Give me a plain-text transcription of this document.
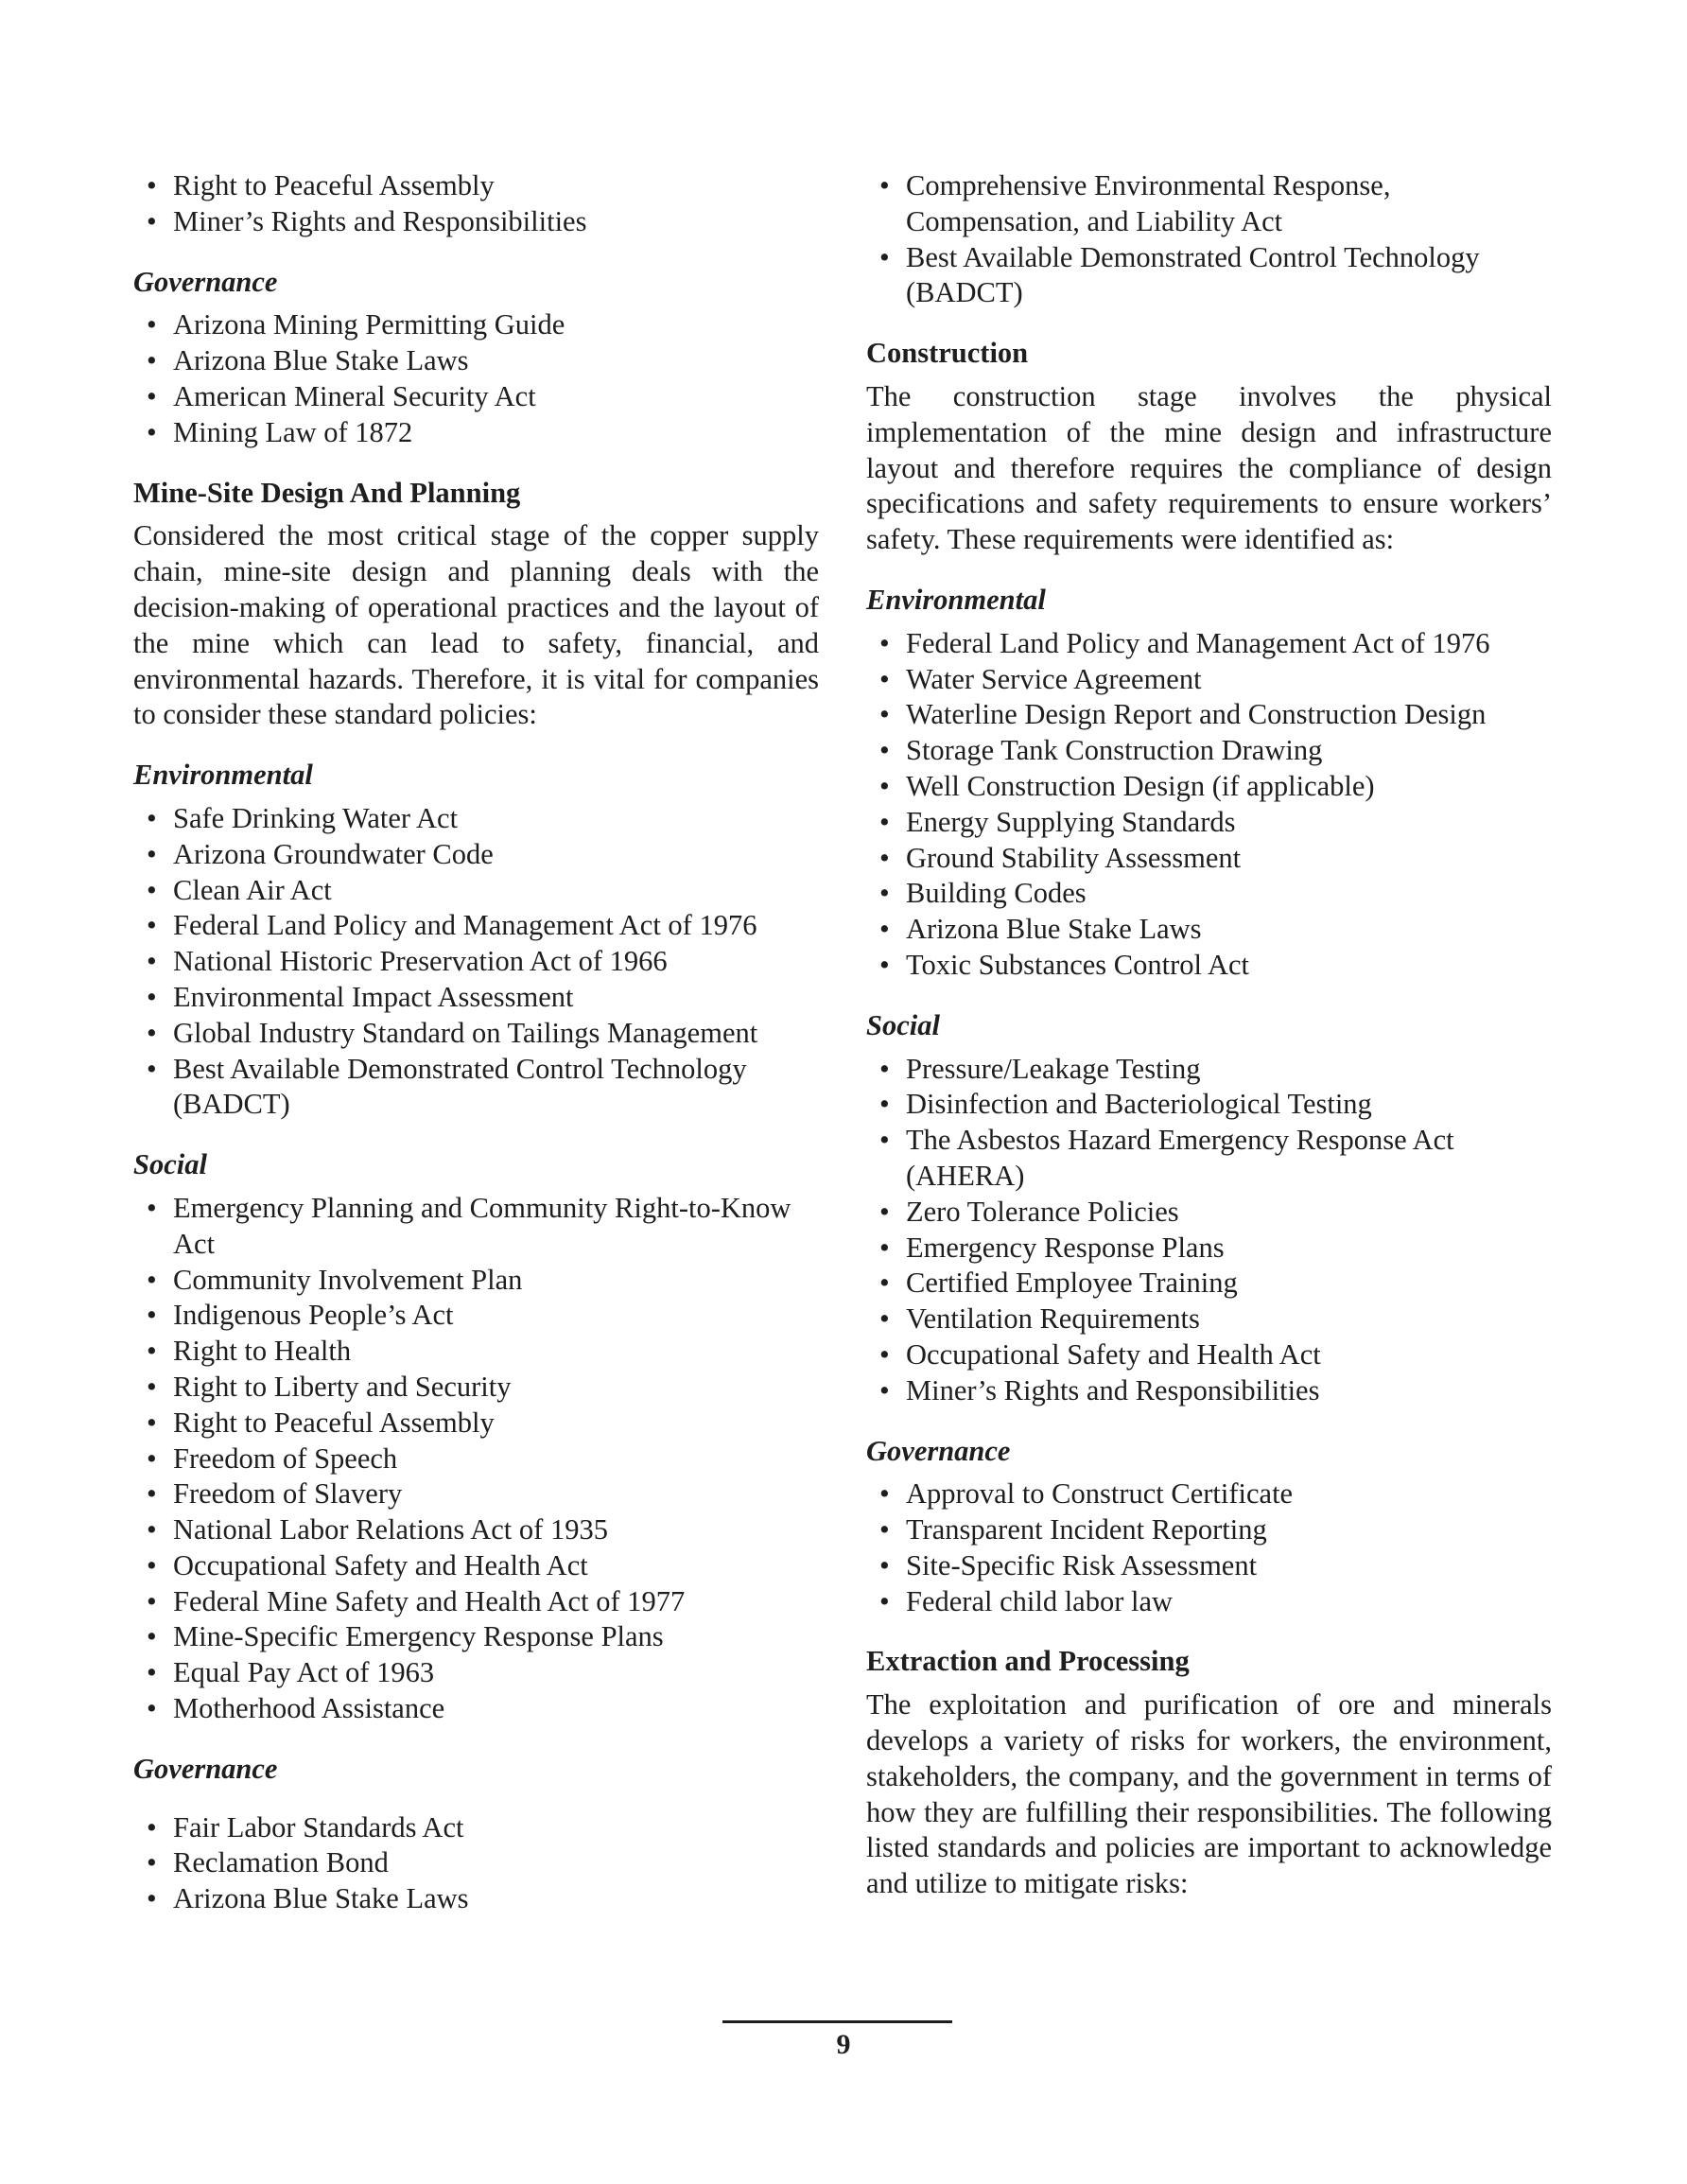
• Right to Peaceful Assembly
• Miner’s Rights and Responsibilities
Governance
• Arizona Mining Permitting Guide
• Arizona Blue Stake Laws
• American Mineral Security Act
• Mining Law of 1872
Mine-Site Design And Planning

Considered the most critical stage of the copper supply chain, mine-site design and planning deals with the decision-making of operational practices and the layout of the mine which can lead to safety, financial, and environmental hazards. Therefore, it is vital for companies to consider these standard policies:

Environmental
• Safe Drinking Water Act
• Arizona Groundwater Code
• Clean Air Act
• Federal Land Policy and Management Act of 1976
• National Historic Preservation Act of 1966
• Environmental Impact Assessment
• Global Industry Standard on Tailings Management
• Best Available Demonstrated Control Technology (BADCT)
Social
• Emergency Planning and Community Right-to-Know Act
• Community Involvement Plan
• Indigenous People’s Act
• Right to Health
• Right to Liberty and Security
• Right to Peaceful Assembly
• Freedom of Speech
• Freedom of Slavery
• National Labor Relations Act of 1935
• Occupational Safety and Health Act
• Federal Mine Safety and Health Act of 1977
• Mine-Specific Emergency Response Plans
• Equal Pay Act of 1963
• Motherhood Assistance
Governance
• Fair Labor Standards Act
• Reclamation Bond
• Arizona Blue Stake Laws
• Comprehensive Environmental Response, Compensation, and Liability Act
• Best Available Demonstrated Control Technology (BADCT)
Construction

The construction stage involves the physical implementation of the mine design and infrastructure layout and therefore requires the compliance of design specifications and safety requirements to ensure workers’ safety. These requirements were identified as:

Environmental
• Federal Land Policy and Management Act of 1976
• Water Service Agreement
• Waterline Design Report and Construction Design
• Storage Tank Construction Drawing
• Well Construction Design (if applicable)
• Energy Supplying Standards
• Ground Stability Assessment
• Building Codes
• Arizona Blue Stake Laws
• Toxic Substances Control Act
Social
• Pressure/Leakage Testing
• Disinfection and Bacteriological Testing
• The Asbestos Hazard Emergency Response Act (AHERA)
• Zero Tolerance Policies
• Emergency Response Plans
• Certified Employee Training
• Ventilation Requirements
• Occupational Safety and Health Act
• Miner’s Rights and Responsibilities
Governance
• Approval to Construct Certificate
• Transparent Incident Reporting
• Site-Specific Risk Assessment
• Federal child labor law
Extraction and Processing

The exploitation and purification of ore and minerals develops a variety of risks for workers, the environment, stakeholders, the company, and the government in terms of how they are fulfilling their responsibilities. The following listed standards and policies are important to acknowledge and utilize to mitigate risks:

9
